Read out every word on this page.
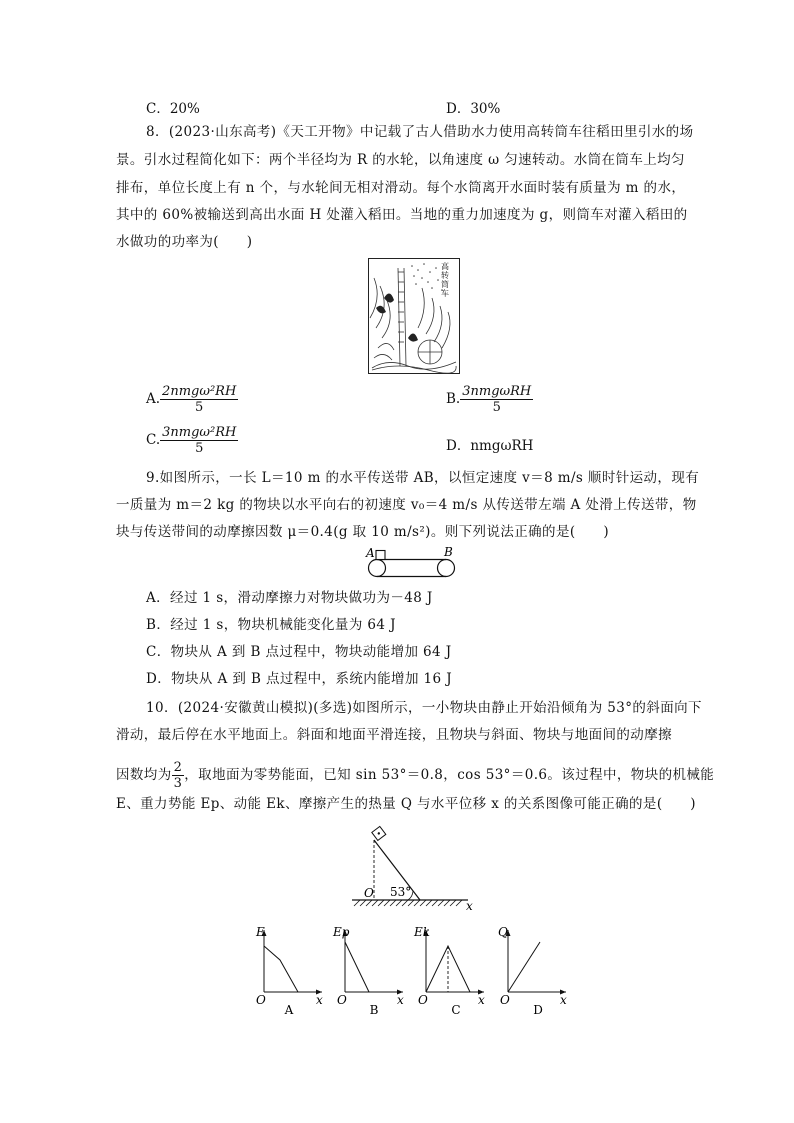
C．20%	D．30%
8．(2023·山东高考)《天工开物》中记载了古人借助水力使用高转筒车往稻田里引水的场
景。引水过程简化如下：两个半径均为 R 的水轮，以角速度 ω 匀速转动。水筒在筒车上均匀
排布，单位长度上有 n 个，与水轮间无相对滑动。每个水筒离开水面时装有质量为 m 的水，
其中的 60%被输送到高出水面 H 处灌入稻田。当地的重力加速度为 g，则筒车对灌入稻田的
水做功的功率为(　　)
高转筒车
A. $\frac{\text{2nmgω²RH}}{5}$	B. $\frac{\text{3nmgωRH}}{5}$
C. $\frac{\text{3nmgω²RH}}{5}$	D．nmgωRH
9.如图所示，一长 L＝10 m 的水平传送带 AB，以恒定速度 v＝8 m/s 顺时针运动，现有
一质量为 m＝2 kg 的物块以水平向右的初速度 v₀＝4 m/s 从传送带左端 A 处滑上传送带，物
块与传送带间的动摩擦因数 μ＝0.4(g 取 10 m/s²)。则下列说法正确的是(　　)
A	B
A．经过 1 s，滑动摩擦力对物块做功为－48 J
B．经过 1 s，物块机械能变化量为 64 J
C．物块从 A 到 B 点过程中，物块动能增加 64 J
D．物块从 A 到 B 点过程中，系统内能增加 16 J
10．(2024·安徽黄山模拟)(多选)如图所示，一小物块由静止开始沿倾角为 53°的斜面向下
滑动，最后停在水平地面上。斜面和地面平滑连接，且物块与斜面、物块与地面间的动摩擦
因数均为 $\frac{2}{3}$ ，取地面为零势能面，已知 sin 53°＝0.8，cos 53°＝0.6。该过程中，物块的机械能
E、重力势能 Ep、动能 Ek、摩擦产生的热量 Q 与水平位移 x 的关系图像可能正确的是(　　)
O 53°
x
E
O	x
A
Ep
O	x
B
Ek
O	x
C
Q
O	x
D
